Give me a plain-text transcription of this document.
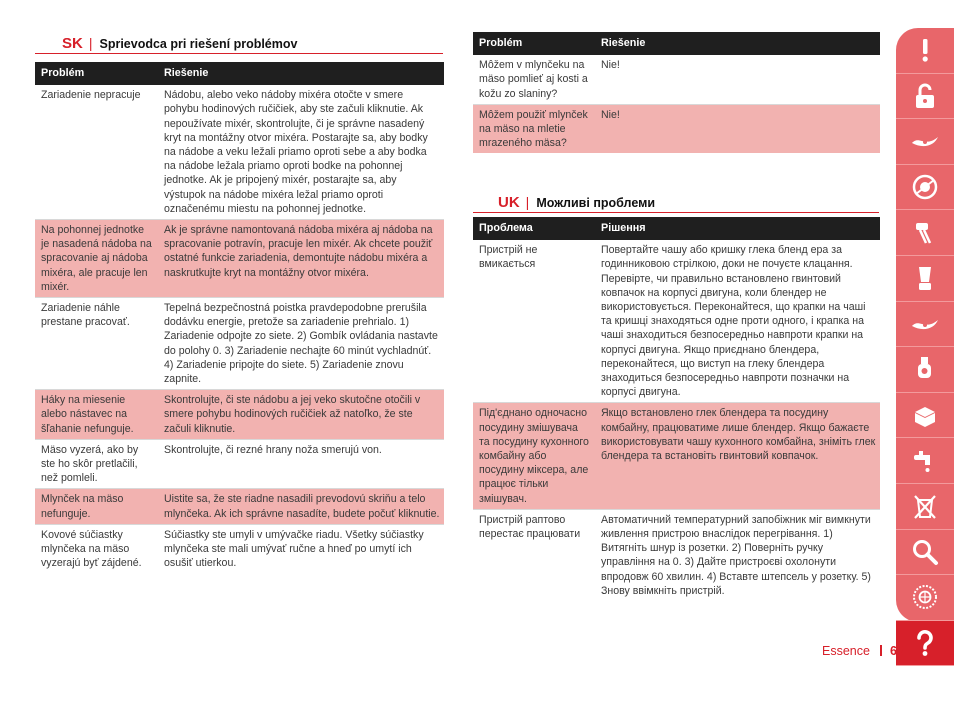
SK | Sprievodca pri riešení problémov
Problém	Riešenie
Zariadenie nepracuje	Nádobu, alebo veko nádoby mixéra otočte v smere pohybu hodinových ručičiek, aby ste začuli kliknutie. Ak nepoužívate mixér, skontrolujte, či je správne nasadený kryt na montážny otvor mixéra. Postarajte sa, aby bodky na nádobe a veku ležali priamo oproti sebe a aby bodka na nádobe ležala priamo oproti bodke na pohonnej jednotke. Ak je pripojený mixér, postarajte sa, aby výstupok na nádobe mixéra ležal priamo oproti označenému miestu na pohonnej jednotke.
Na pohonnej jednotke je nasadená nádoba na spracovanie aj nádoba mixéra, ale pracuje len mixér.	Ak je správne namontovaná nádoba mixéra aj nádoba na spracovanie potravín, pracuje len mixér. Ak chcete použiť ostatné funkcie zariadenia, demontujte nádobu mixéra a naskrutkujte kryt na montážny otvor mixéra.
Zariadenie náhle prestane pracovať.	Tepelná bezpečnostná poistka pravdepodobne prerušila dodávku energie, pretože sa zariadenie prehrialo. 1) Zariadenie odpojte zo siete. 2) Gombík ovládania nastavte do polohy 0. 3) Zariadenie nechajte 60 minút vychladnúť. 4) Zariadenie pripojte do siete. 5) Zariadenie znovu zapnite.
Háky na miesenie alebo nástavec na šľahanie nefunguje.	Skontrolujte, či ste nádobu a jej veko skutočne otočili v smere pohybu hodinových ručičiek až natoľko, že ste začuli kliknutie.
Mäso vyzerá, ako by ste ho skôr pretlačili, než pomleli.	Skontrolujte, či rezné hrany noža smerujú von.
Mlynček na mäso nefunguje.	Uistite sa, že ste riadne nasadili prevodovú skriňu a telo mlynčeka. Ak ich správne nasadíte, budete počuť kliknutie.
Kovové súčiastky mlynčeka na mäso vyzerajú byť zájdené.	Súčiastky ste umyli v umývačke riadu. Všetky súčiastky mlynčeka ste mali umývať ručne a hneď po umytí ich osušiť utierkou.
Problém	Riešenie
Môžem v mlynčeku na mäso pomlieť aj kosti a kožu zo slaniny?	Nie!
Môžem použiť mlynček na mäso na mletie mrazeného mäsa?	Nie!
UK | Можливі проблеми
Проблема	Рішення
Пристрій не вмикається	Повертайте чашу або кришку глека бленд ера за годинниковою стрілкою, доки не почуєте клацання. Перевірте, чи правильно встановлено гвинтовий ковпачок на корпусі двигуна, коли блендер не використовується. Переконайтеся, що крапки на чаші та кришці знаходяться одне проти одного, і крапка на чаші знаходиться безпосередньо навпроти крапки на корпусі двигуна. Якщо приєднано блендера, переконайтеся, що виступ на глеку блендера знаходиться безпосередньо навпроти позначки на корпусі двигуна.
Під'єднано одночасно посудину змішувача та посудину кухонного комбайну або посудину міксера, але працює тільки змішувач.	Якщо встановлено глек блендера та посудину комбайну, працюватиме лише блендер. Якщо бажаєте використовувати чашу кухонного комбайна, зніміть глек блендера та встановіть гвинтовий ковпачок.
Пристрій раптово перестає працювати	Автоматичний температурний запобіжник міг вимкнути живлення пристрою внаслідок перегрівання. 1) Витягніть шнур із розетки. 2) Поверніть ручку управління на 0. 3) Дайте пристроєві охолонути впродовж 60 хвилин. 4) Вставте штепсель у розетку. 5) Знову ввімкніть пристрій.
Essence 63
